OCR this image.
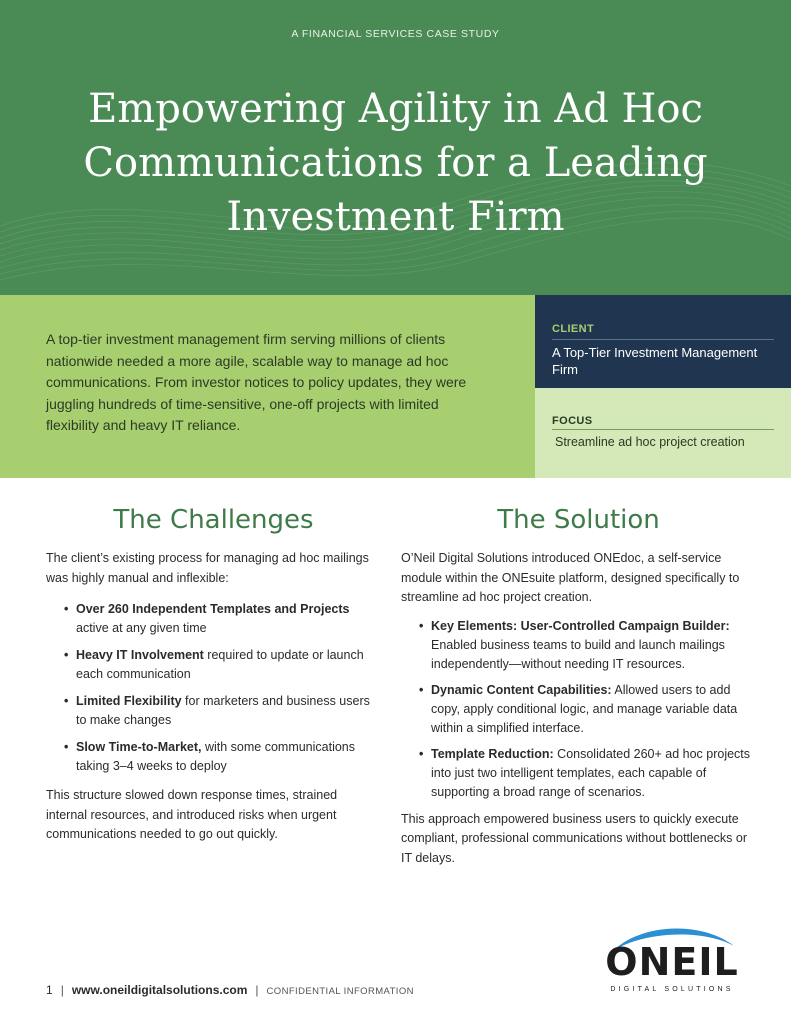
A FINANCIAL SERVICES CASE STUDY
Empowering Agility in Ad Hoc
Communications for a Leading
Investment Firm

A top-tier investment management firm serving millions of clients nationwide needed a more agile, scalable way to manage ad hoc communications. From investor notices to policy updates, they were juggling hundreds of time-sensitive, one-off projects with limited flexibility and heavy IT reliance.

CLIENT
A Top-Tier Investment Management Firm
FOCUS
Streamline ad hoc project creation
The Challenges

The client’s existing process for managing ad hoc mailings was highly manual and inflexible:

• Over 260 Independent Templates and Projects active at any given time
• Heavy IT Involvement required to update or launch each communication
• Limited Flexibility for marketers and business users to make changes
• Slow Time-to-Market, with some communications taking 3–4 weeks to deploy

This structure slowed down response times, strained internal resources, and introduced risks when urgent communications needed to go out quickly.

The Solution

O’Neil Digital Solutions introduced ONEdoc, a self-service module within the ONEsuite platform, designed specifically to streamline ad hoc project creation.

• Key Elements: User-Controlled Campaign Builder: Enabled business teams to build and launch mailings independently—without needing IT resources.
• Dynamic Content Capabilities: Allowed users to add copy, apply conditional logic, and manage variable data within a simplified interface.
• Template Reduction: Consolidated 260+ ad hoc projects into just two intelligent templates, each capable of supporting a broad range of scenarios.

This approach empowered business users to quickly execute compliant, professional communications without bottlenecks or IT delays.

1 | www.oneildigitalsolutions.com | CONFIDENTIAL INFORMATION
ONEIL
DIGITAL SOLUTIONS
